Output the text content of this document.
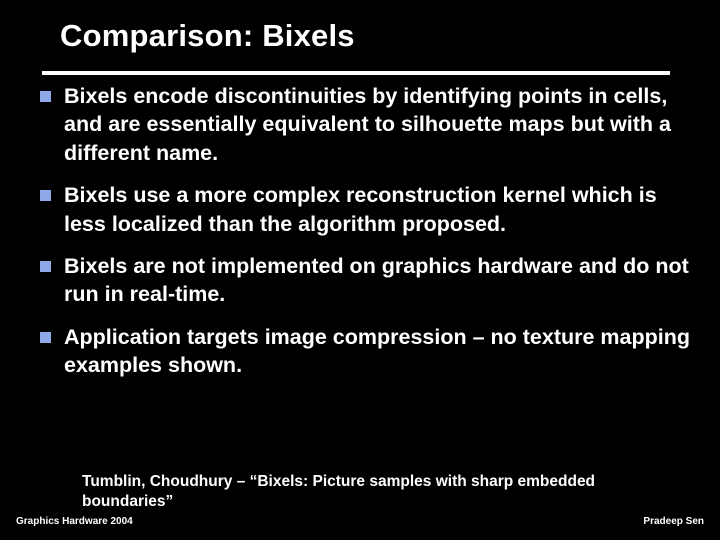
Comparison: Bixels
Bixels encode discontinuities by identifying points in cells, and are essentially equivalent to silhouette maps but with a different name.
Bixels use a more complex reconstruction kernel which is less localized than the algorithm proposed.
Bixels are not implemented on graphics hardware and do not run in real-time.
Application targets image compression – no texture mapping examples shown.
Tumblin, Choudhury – “Bixels: Picture samples with sharp embedded boundaries”
Graphics Hardware 2004	Pradeep Sen
